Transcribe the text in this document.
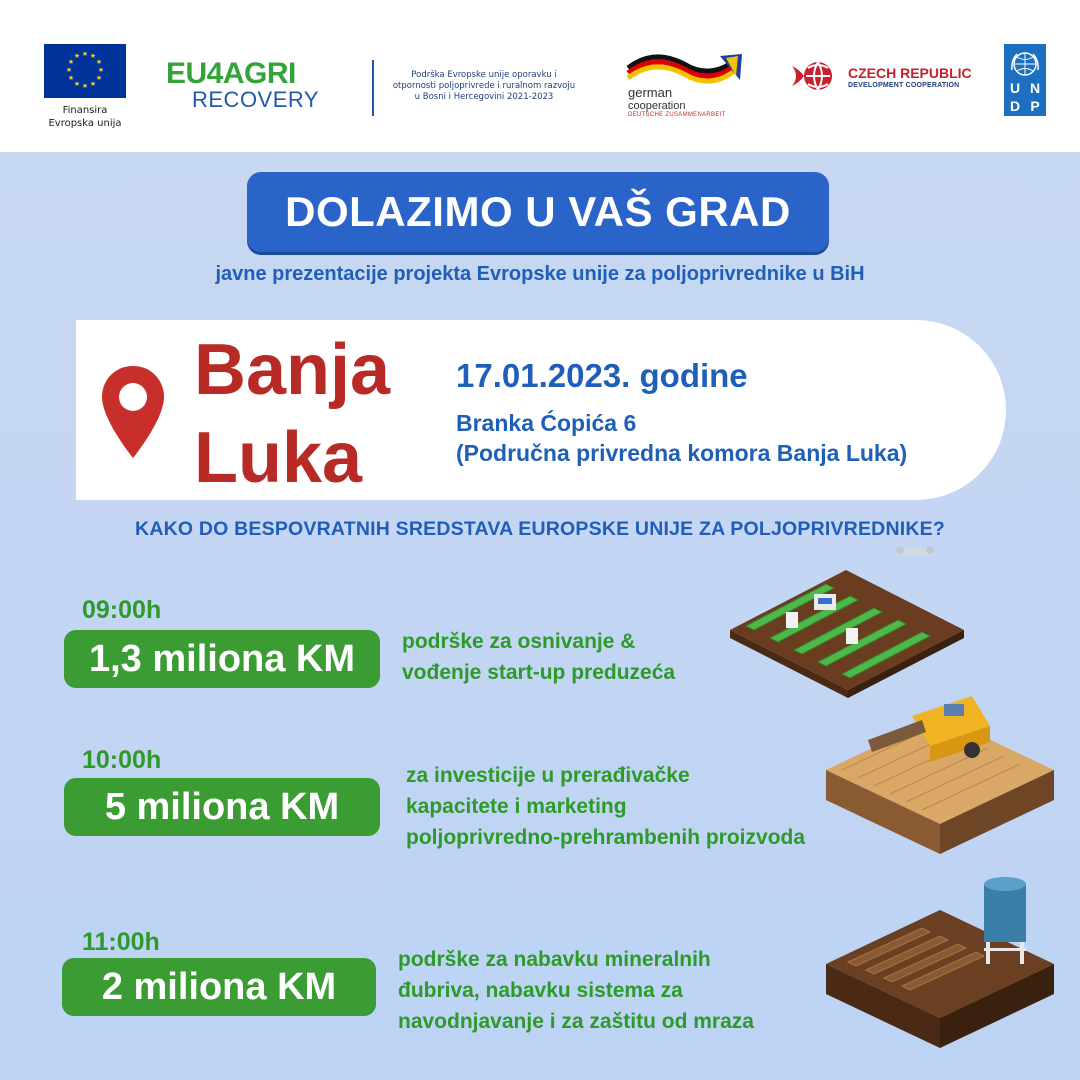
★ ★
★
★
★
★
★
★
★
★
★
★
Finansira
Evropska unija
EU4AGRI
RECOVERY
Podrška Evropske unije oporavku i
otpornosti poljoprivrede i ruralnom razvoju
u Bosni i Hercegovini 2021-2023	german
cooperation
DEUTSCHE ZUSAMMENARBEIT
CZECH REPUBLIC
DEVELOPMENT COOPERATION	U N
D P
DOLAZIMO U VAŠ GRAD
javne prezentacije projekta Evropske unije za poljoprivrednike u BiH
Banja
Luka
17.01.2023. godine
Branka Ćopića 6
(Područna privredna komora Banja Luka)
KAKO DO BESPOVRATNIH SREDSTAVA EUROPSKE UNIJE ZA POLJOPRIVREDNIKE?
09:00h
1,3 miliona KM	podrške za osnivanje &
vođenje start-up preduzeća
10:00h
5 miliona KM
za investicije u prerađivačke
kapacitete i marketing
poljoprivredno-prehrambenih proizvoda
11:00h
2 miliona KM
podrške za nabavku mineralnih
đubriva, nabavku sistema za
navodnjavanje i za zaštitu od mraza
